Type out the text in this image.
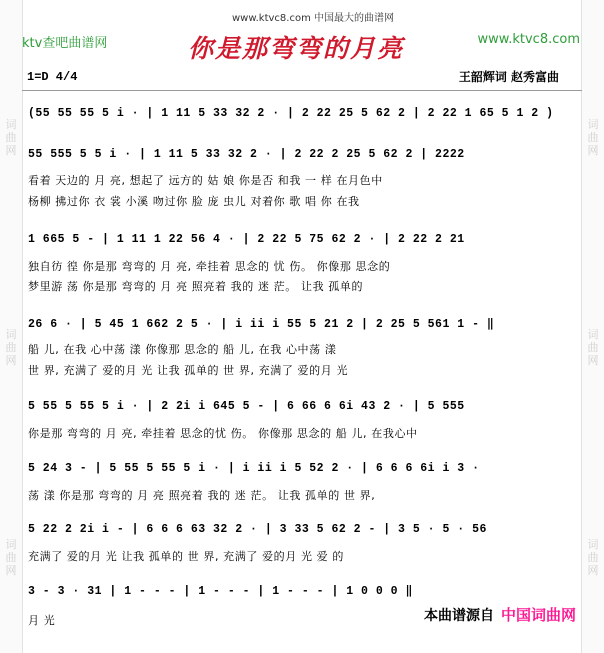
词
曲
网
词
曲
网
词
曲
网
词
曲
网
词
曲
网
词
曲
网
www.ktvc8.com 中国最大的曲谱网
ktv查吧曲谱网	你是那弯弯的月亮	www.ktvc8.com
1=D 4/4	王韶辉词 赵秀富曲
(55 55 55 5 i · | 1 11 5 33 32 2 · | 2 22 25 5 62 2 | 2 22 1 65 5 1 2 )
55 555 5 5 i · | 1 11 5 33 32 2 · | 2 22 2 25 5 62 2 | 2222
看着 天边的 月 亮, 想起了 远方的 姑 娘 你是否 和我 一 样 在月色中
杨柳 拂过你 衣 裳 小溪 吻过你 脸 庞 虫儿 对着你 歌 唱 你 在我
1 665 5 - | 1 11 1 22 56 4 · | 2 22 5 75 62 2 · | 2 22 2 21
独自彷 徨 你是那 弯弯的 月 亮, 牵挂着 思念的 忧 伤。 你像那 思念的
梦里游 荡 你是那 弯弯的 月 亮 照亮着 我的 迷 茫。 让我 孤单的
26 6 · | 5 45 1 662 2 5 · | i ii i 55 5 21 2 | 2 25 5 561 1 - ‖
船 儿, 在我 心中荡 漾 你像那 思念的 船 儿, 在我 心中荡 漾
世 界, 充满了 爱的月 光 让我 孤单的 世 界, 充满了 爱的月 光
5 55 5 55 5 i · | 2 2i i 645 5 - | 6 66 6 6i 43 2 · | 5 555
你是那 弯弯的 月 亮, 牵挂着 思念的忧 伤。 你像那 思念的 船 儿, 在我心中
5 24 3 - | 5 55 5 55 5 i · | i ii i 5 52 2 · | 6 6 6 6i i 3 ·
荡 漾 你是那 弯弯的 月 亮 照亮着 我的 迷 茫。 让我 孤单的 世 界,
5 22 2 2i i - | 6 6 6 63 32 2 · | 3 33 5 62 2 - | 3 5 · 5 · 56
充满了 爱的月 光 让我 孤单的 世 界, 充满了 爱的月 光 爱 的
3 - 3 · 31 | 1 - - - | 1 - - - | 1 - - - | 1 0 0 0 ‖
月 光	本曲谱源自 中国词曲网
